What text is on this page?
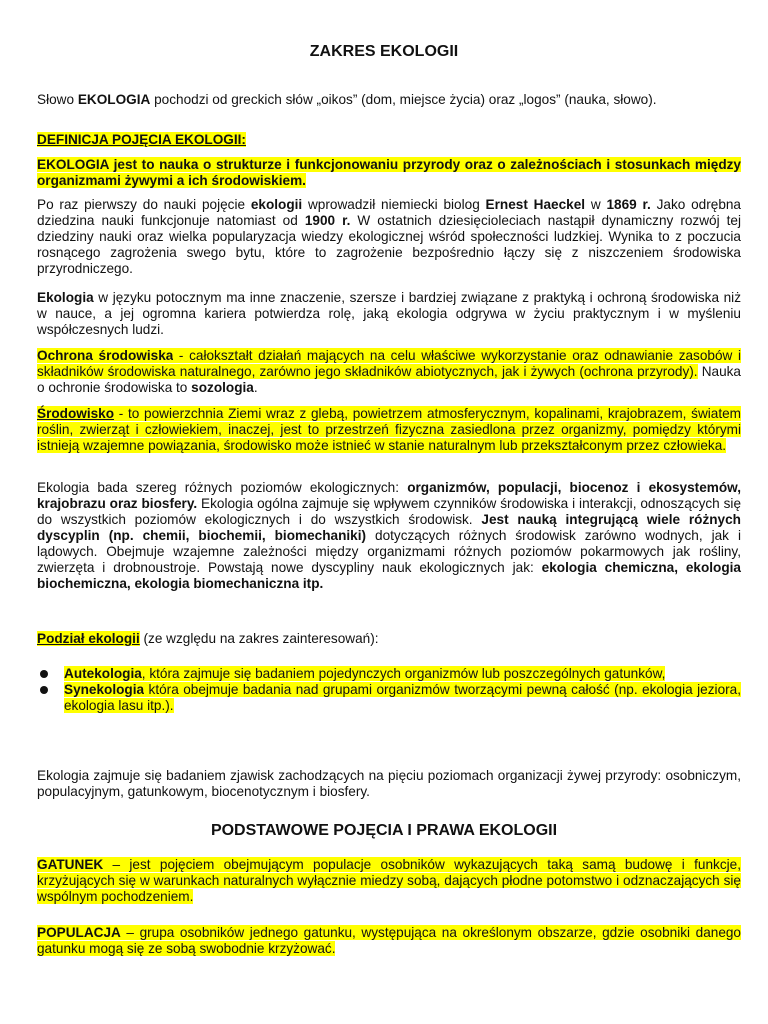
ZAKRES EKOLOGII

Słowo EKOLOGIA pochodzi od greckich słów „oikos” (dom, miejsce życia) oraz „logos” (nauka, słowo).

DEFINICJA POJĘCIA EKOLOGII:

EKOLOGIA jest to nauka o strukturze i funkcjonowaniu przyrody oraz o zależnościach i stosunkach między organizmami żywymi a ich środowiskiem.

Po raz pierwszy do nauki pojęcie ekologii wprowadził niemiecki biolog Ernest Haeckel w 1869 r. Jako odrębna dziedzina nauki funkcjonuje natomiast od 1900 r. W ostatnich dziesięcioleciach nastąpił dynamiczny rozwój tej dziedziny nauki oraz wielka popularyzacja wiedzy ekologicznej wśród społeczności ludzkiej. Wynika to z poczucia rosnącego zagrożenia swego bytu, które to zagrożenie bezpośrednio łączy się z niszczeniem środowiska przyrodniczego.

Ekologia w języku potocznym ma inne znaczenie, szersze i bardziej związane z praktyką i ochroną środowiska niż w nauce, a jej ogromna kariera potwierdza rolę, jaką ekologia odgrywa w życiu praktycznym i w myśleniu współczesnych ludzi.

Ochrona środowiska - całokształt działań mających na celu właściwe wykorzystanie oraz odnawianie zasobów i składników środowiska naturalnego, zarówno jego składników abiotycznych, jak i żywych (ochrona przyrody). Nauka o ochronie środowiska to sozologia.

Środowisko - to powierzchnia Ziemi wraz z glebą, powietrzem atmosferycznym, kopalinami, krajobrazem, światem roślin, zwierząt i człowiekiem, inaczej, jest to przestrzeń fizyczna zasiedlona przez organizmy, pomiędzy którymi istnieją wzajemne powiązania, środowisko może istnieć w stanie naturalnym lub przekształconym przez człowieka.

Ekologia bada szereg różnych poziomów ekologicznych: organizmów, populacji, biocenoz i ekosystemów, krajobrazu oraz biosfery. Ekologia ogólna zajmuje się wpływem czynników środowiska i interakcji, odnoszących się do wszystkich poziomów ekologicznych i do wszystkich środowisk. Jest nauką integrującą wiele różnych dyscyplin (np. chemii, biochemii, biomechaniki) dotyczących różnych środowisk zarówno wodnych, jak i lądowych. Obejmuje wzajemne zależności między organizmami różnych poziomów pokarmowych jak rośliny, zwierzęta i drobnoustroje. Powstają nowe dyscypliny nauk ekologicznych jak: ekologia chemiczna, ekologia biochemiczna, ekologia biomechaniczna itp.

Podział ekologii (ze względu na zakres zainteresowań):

Autekologia, która zajmuje się badaniem pojedynczych organizmów lub poszczególnych gatunków,
Synekologia która obejmuje badania nad grupami organizmów tworzącymi pewną całość (np. ekologia jeziora, ekologia lasu itp.).

Ekologia zajmuje się badaniem zjawisk zachodzących na pięciu poziomach organizacji żywej przyrody: osobniczym, populacyjnym, gatunkowym, biocenotycznym i biosfery.

PODSTAWOWE POJĘCIA I PRAWA EKOLOGII

GATUNEK – jest pojęciem obejmującym populacje osobników wykazujących taką samą budowę i funkcje, krzyżujących się w warunkach naturalnych wyłącznie miedzy sobą, dających płodne potomstwo i odznaczających się wspólnym pochodzeniem.

POPULACJA – grupa osobników jednego gatunku, występująca na określonym obszarze, gdzie osobniki danego gatunku mogą się ze sobą swobodnie krzyżować.
